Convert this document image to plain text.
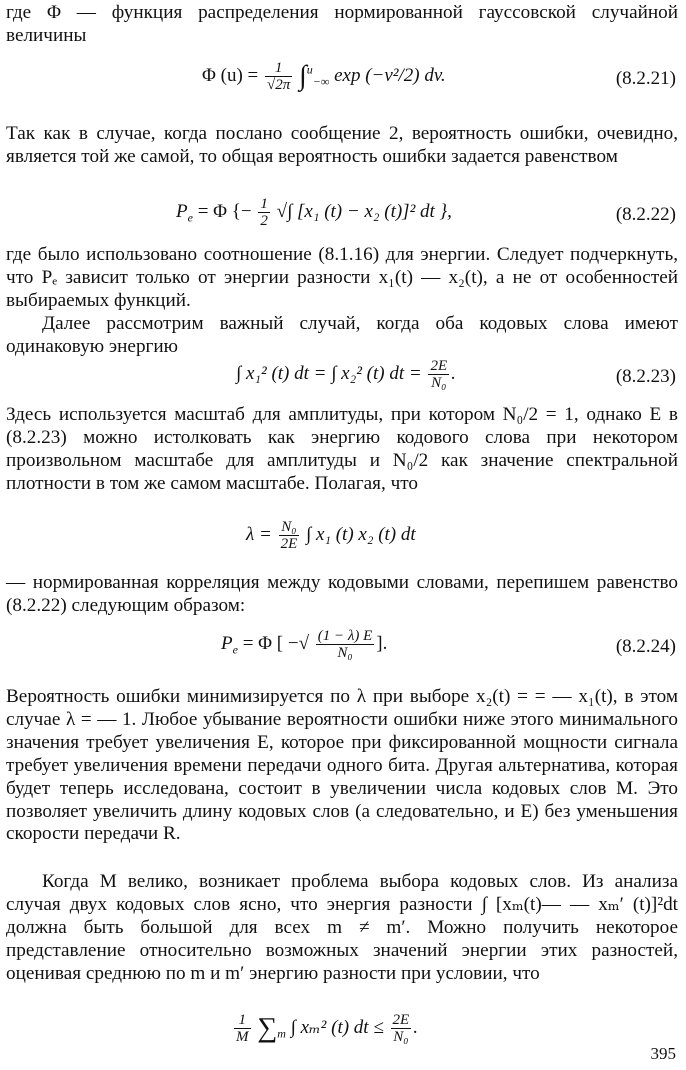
где Φ — функция распределения нормированной гауссовской случайной величины

Φ $(u) = \frac{1}{√2\pi} \int^u_{-\infty}$ exp (−v²/2) dv.	(8.2.21)

Так как в случае, когда послано сообщение 2, вероятность ошибки, очевидно, является той же самой, то общая вероятность ошибки задается равенством

$P_e = \Phi$ {− $\frac{1}{2}$ √∫ [x₁ (t) − x₂ (t)]² dt },	(8.2.22)

где было использовано соотношение (8.1.16) для энергии. Следует подчеркнуть, что Pₑ зависит только от энергии разности x₁(t) — x₂(t), а не от особенностей выбираемых функций.

Далее рассмотрим важный случай, когда оба кодовых слова имеют одинаковую энергию

∫ x₁² (t) dt = ∫ x₂² (t) dt = $\frac{2E}{\text{N₀}}$ .	(8.2.23)

Здесь используется масштаб для амплитуды, при котором N₀/2 = 1, однако E в (8.2.23) можно истолковать как энергию кодового слова при некотором произвольном масштабе для амплитуды и N₀/2 как значение спектральной плотности в том же самом масштабе. Полагая, что

$\lambda = \frac{\text{N₀}}{2E}$ ∫ x₁ (t) x₂ (t) dt

— нормированная корреляция между кодовыми словами, перепишем равенство (8.2.22) следующим образом:

$P_e = \Phi$ [ −√ $\frac{(1 - \lambda) E}{\text{N₀}}$ ].	(8.2.24)

Вероятность ошибки минимизируется по λ при выборе x₂(t) = = — x₁(t), в этом случае λ = — 1. Любое убывание вероятности ошибки ниже этого минимального значения требует увеличения E, которое при фиксированной мощности сигнала требует увеличения времени передачи одного бита. Другая альтернатива, которая будет теперь исследована, состоит в увеличении числа кодовых слов M. Это позволяет увеличить длину кодовых слов (а следовательно, и E) без уменьшения скорости передачи R.

Когда M велико, возникает проблема выбора кодовых слов. Из анализа случая двух кодовых слов ясно, что энергия разности ∫ [xₘ(t)— — xₘ′ (t)]²dt должна быть большой для всех m ≠ m′. Можно получить некоторое представление относительно возможных значений энергии этих разностей, оценивая среднюю по m и m′ энергию разности при условии, что

$\frac{1}{M} \sum_m$ ∫ xₘ² (t) dt ≤ $\frac{2E}{\text{N₀}}$ .
395
